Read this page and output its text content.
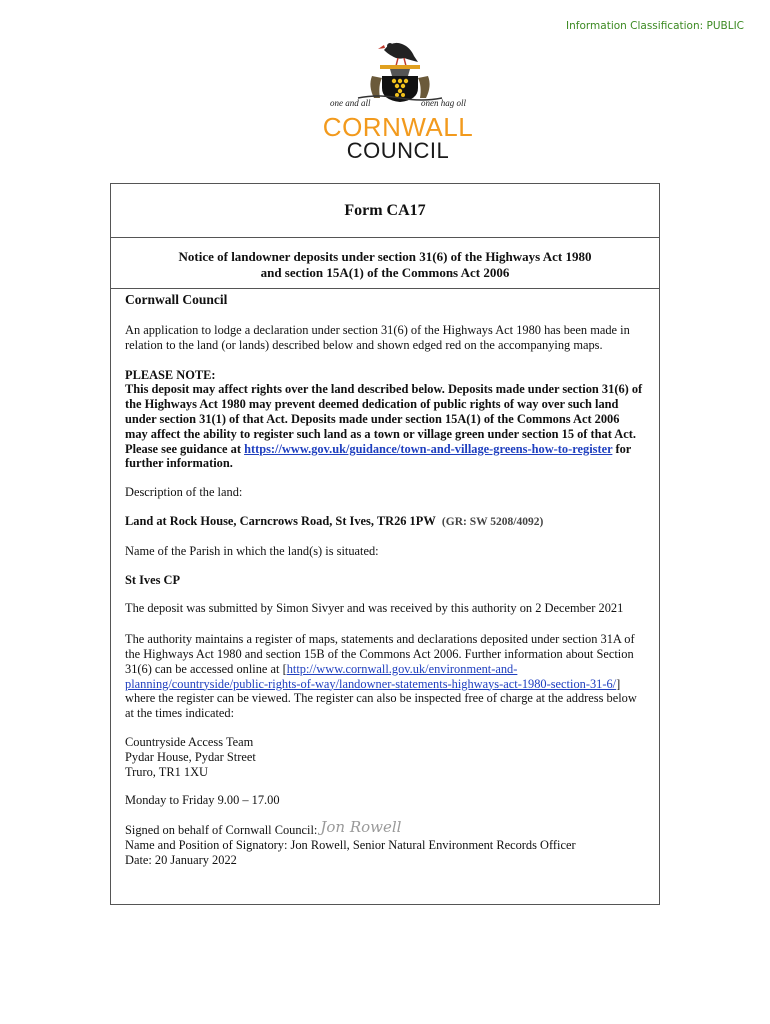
Information Classification: PUBLIC
one and all	onen hag oll
CORNWALL
COUNCIL
Form CA17
Notice of landowner deposits under section 31(6) of the Highways Act 1980
and section 15A(1) of the Commons Act 2006

Cornwall Council

An application to lodge a declaration under section 31(6) of the Highways Act 1980 has been made in relation to the land (or lands) described below and shown edged red on the accompanying maps.

PLEASE NOTE:

This deposit may affect rights over the land described below. Deposits made under section 31(6) of the Highways Act 1980 may prevent deemed dedication of public rights of way over such land under section 31(1) of that Act. Deposits made under section 15A(1) of the Commons Act 2006 may affect the ability to register such land as a town or village green under section 15 of that Act. Please see guidance at https://www.gov.uk/guidance/town-and-village-greens-how-to-register for further information.

Description of the land:

Land at Rock House, Carncrows Road, St Ives, TR26 1PW (GR: SW 5208/4092)

Name of the Parish in which the land(s) is situated:

St Ives CP

The deposit was submitted by Simon Sivyer and was received by this authority on 2 December 2021

The authority maintains a register of maps, statements and declarations deposited under section 31A of the Highways Act 1980 and section 15B of the Commons Act 2006. Further information about Section 31(6) can be accessed online at [http://www.cornwall.gov.uk/environment-and-planning/countryside/public-rights-of-way/landowner-statements-highways-act-1980-section-31-6/] where the register can be viewed. The register can also be inspected free of charge at the address below at the times indicated:

Countryside Access Team

Pydar House, Pydar Street

Truro, TR1 1XU

Monday to Friday 9.00 – 17.00

Signed on behalf of Cornwall Council: Jon Rowell

Name and Position of Signatory: Jon Rowell, Senior Natural Environment Records Officer

Date: 20 January 2022
